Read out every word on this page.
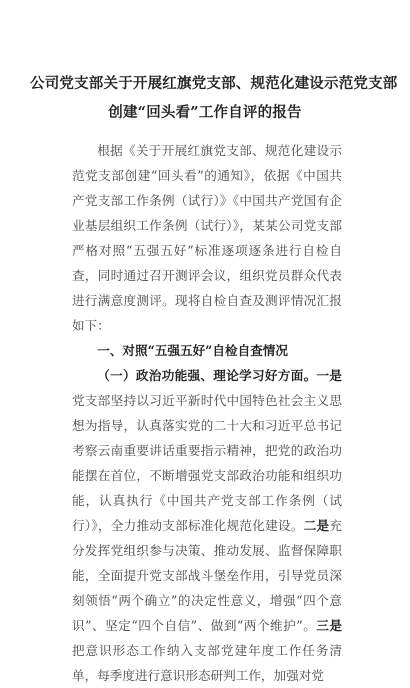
公司党支部关于开展红旗党支部、规范化建设示范党支部
创建“回头看”工作自评的报告

根据《关于开展红旗党支部、规范化建设示范党支部创建“回头看”的通知》，依据《中国共产党支部工作条例（试行）》《中国共产党国有企业基层组织工作条例（试行）》，某某公司党支部严格对照“五强五好”标准逐项逐条进行自检自查，同时通过召开测评会议，组织党员群众代表进行满意度测评。现将自检自查及测评情况汇报如下：

一、对照“五强五好”自检自查情况

（一）政治功能强、理论学习好方面。一是党支部坚持以习近平新时代中国特色社会主义思想为指导，认真落实党的二十大和习近平总书记考察云南重要讲话重要指示精神，把党的政治功能摆在首位，不断增强党支部政治功能和组织功能，认真执行《中国共产党支部工作条例（试行）》，全力推动支部标准化规范化建设。二是充分发挥党组织参与决策、推动发展、监督保障职能，全面提升党支部战斗堡垒作用，引导党员深刻领悟“两个确立”的决定性意义，增强“四个意识”、坚定“四个自信”、做到“两个维护”。三是把意识形态工作纳入支部党建年度工作任务清单，每季度进行意识形态研判工作，加强对党
